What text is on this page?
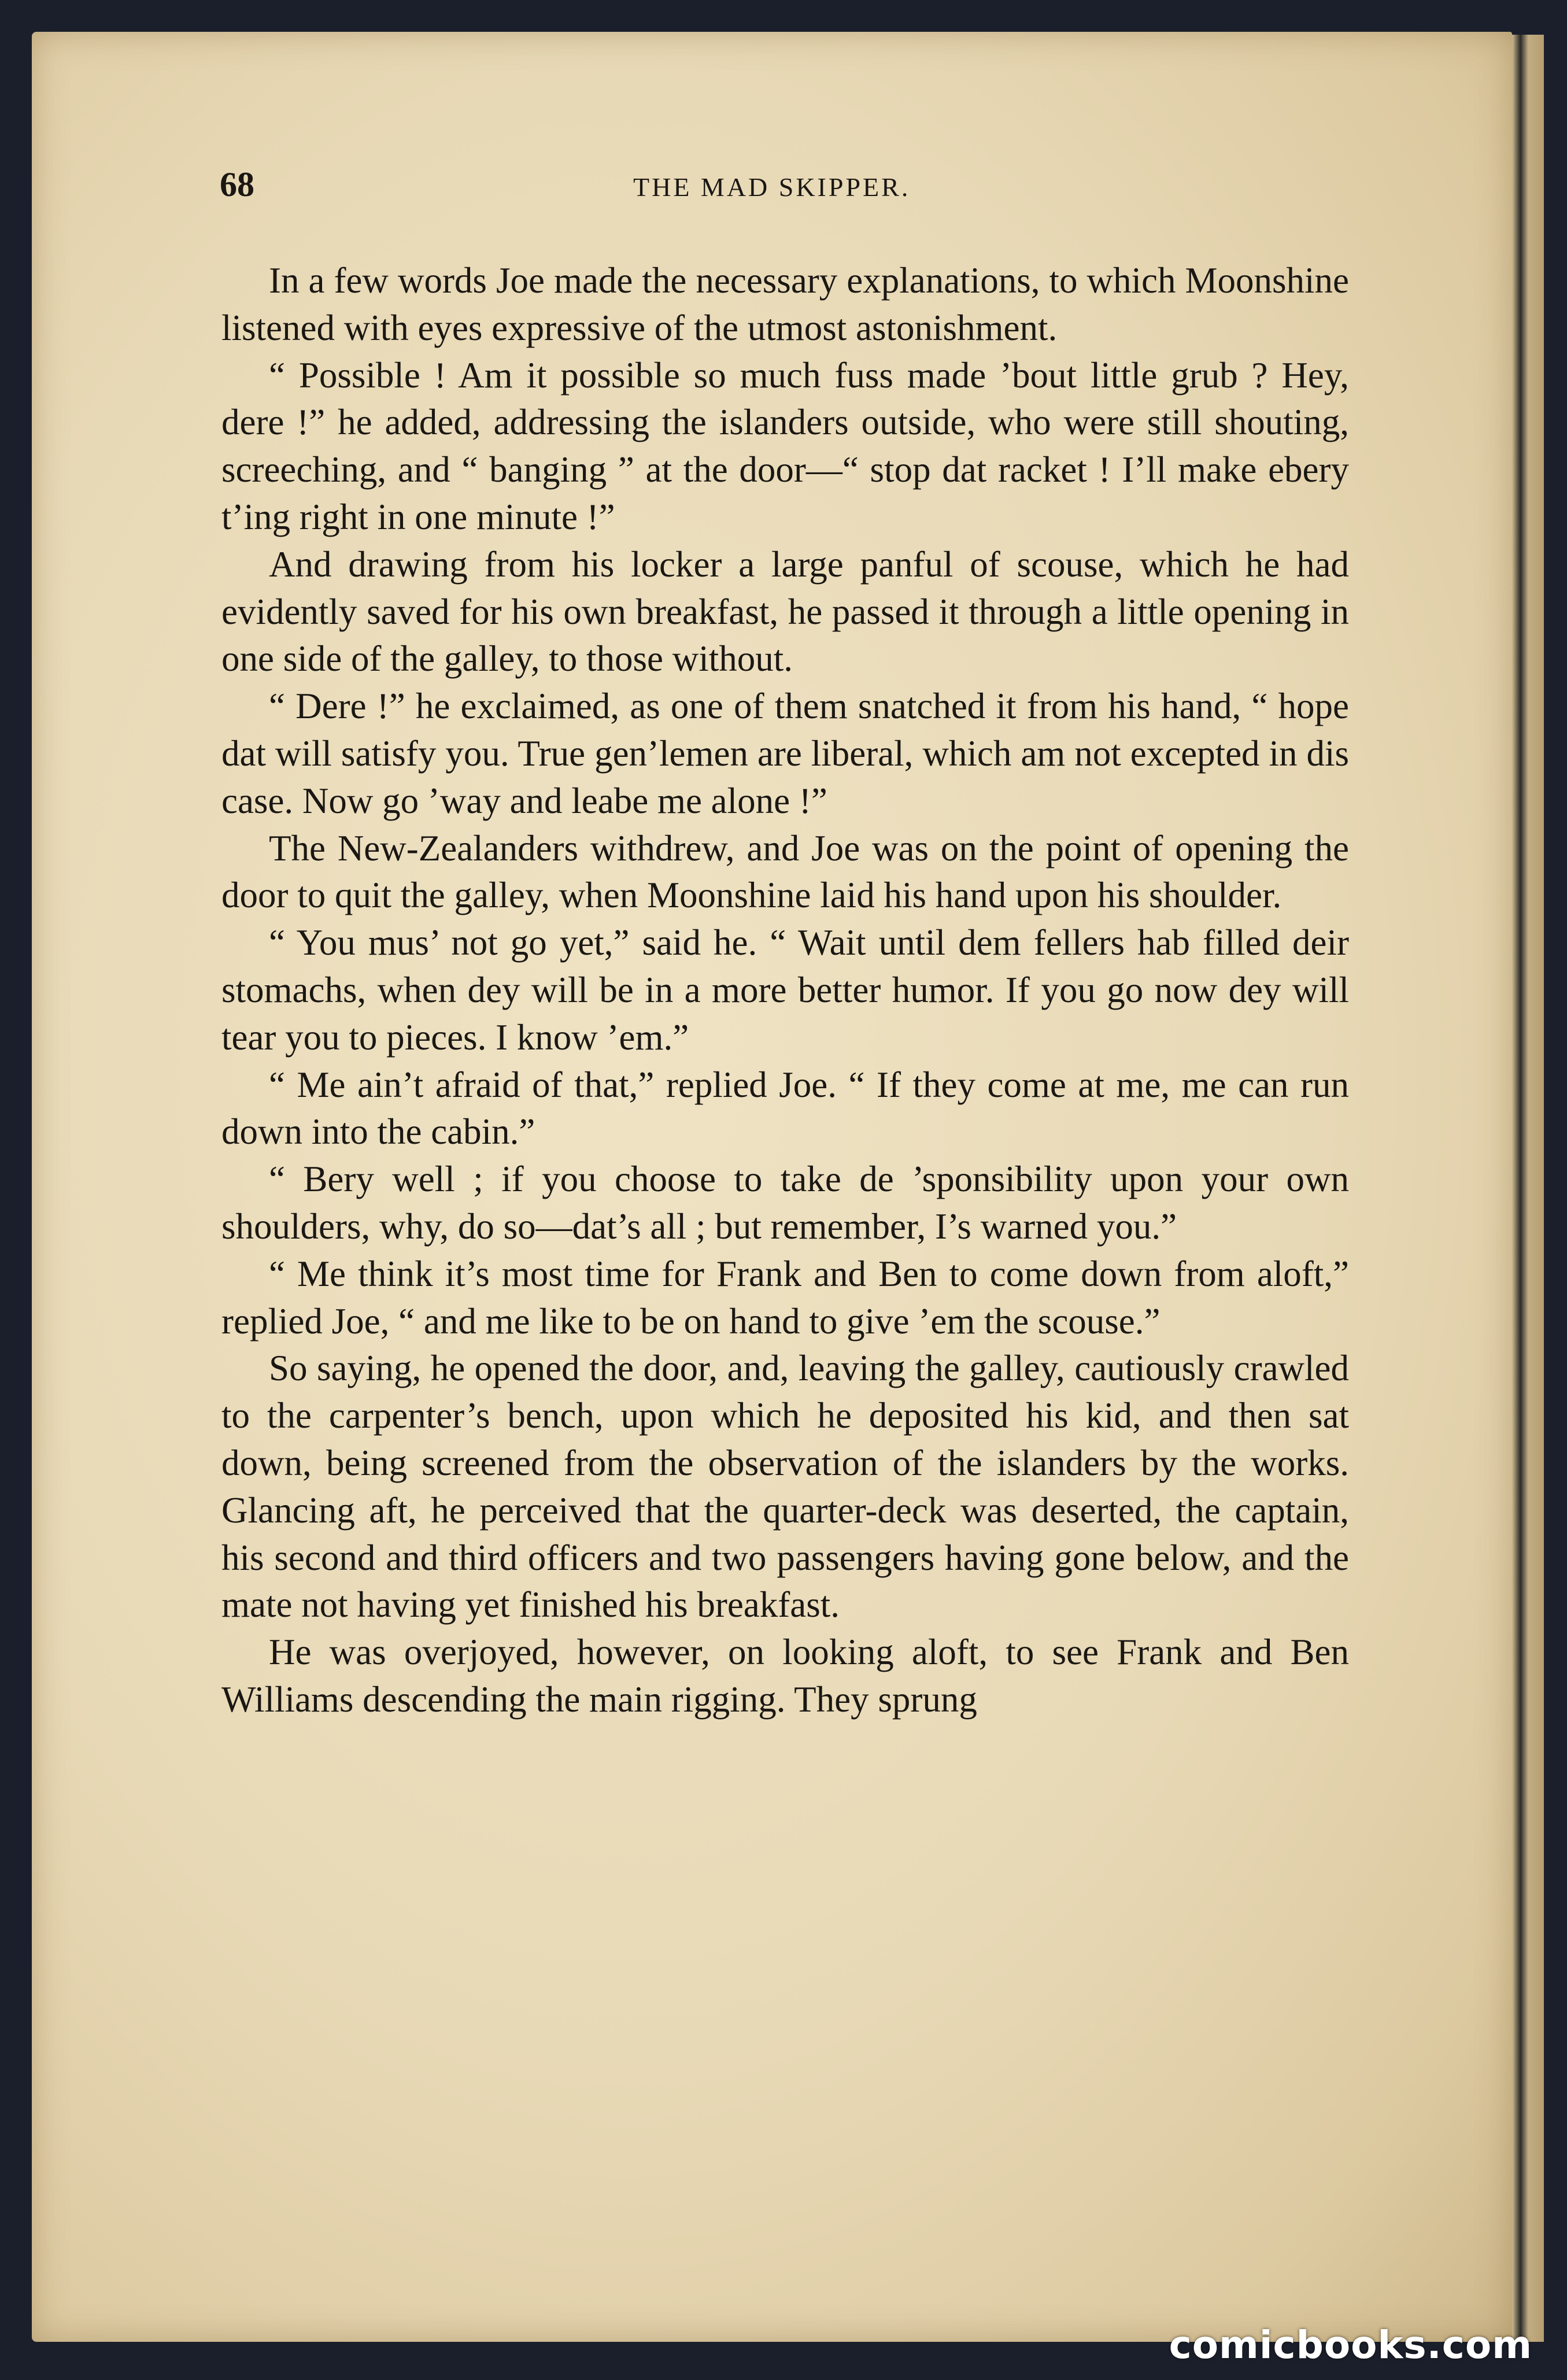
68	THE MAD SKIPPER.

In a few words Joe made the necessary explanations, to which Moonshine listened with eyes expressive of the utmost astonishment.

“ Possible ! Am it possible so much fuss made ’bout little grub ? Hey, dere !” he added, addressing the islanders outside, who were still shouting, screeching, and “ banging ” at the door—“ stop dat racket ! I’ll make ebery t’ing right in one minute !”

And drawing from his locker a large panful of scouse, which he had evidently saved for his own breakfast, he passed it through a little opening in one side of the galley, to those without.

“ Dere !” he exclaimed, as one of them snatched it from his hand, “ hope dat will satisfy you. True gen’lemen are liberal, which am not excepted in dis case. Now go ’way and leabe me alone !”

The New-Zealanders withdrew, and Joe was on the point of opening the door to quit the galley, when Moonshine laid his hand upon his shoulder.

“ You mus’ not go yet,” said he. “ Wait until dem fellers hab filled deir stomachs, when dey will be in a more better humor. If you go now dey will tear you to pieces. I know ’em.”

“ Me ain’t afraid of that,” replied Joe. “ If they come at me, me can run down into the cabin.”

“ Bery well ; if you choose to take de ’sponsibility upon your own shoulders, why, do so—dat’s all ; but remember, I’s warned you.”

“ Me think it’s most time for Frank and Ben to come down from aloft,” replied Joe, “ and me like to be on hand to give ’em the scouse.”

So saying, he opened the door, and, leaving the galley, cautiously crawled to the carpenter’s bench, upon which he deposited his kid, and then sat down, being screened from the observation of the islanders by the works. Glancing aft, he perceived that the quarter-deck was deserted, the captain, his second and third officers and two passengers having gone below, and the mate not having yet finished his breakfast.

He was overjoyed, however, on looking aloft, to see Frank and Ben Williams descending the main rigging. They sprung

comicbooks.com
